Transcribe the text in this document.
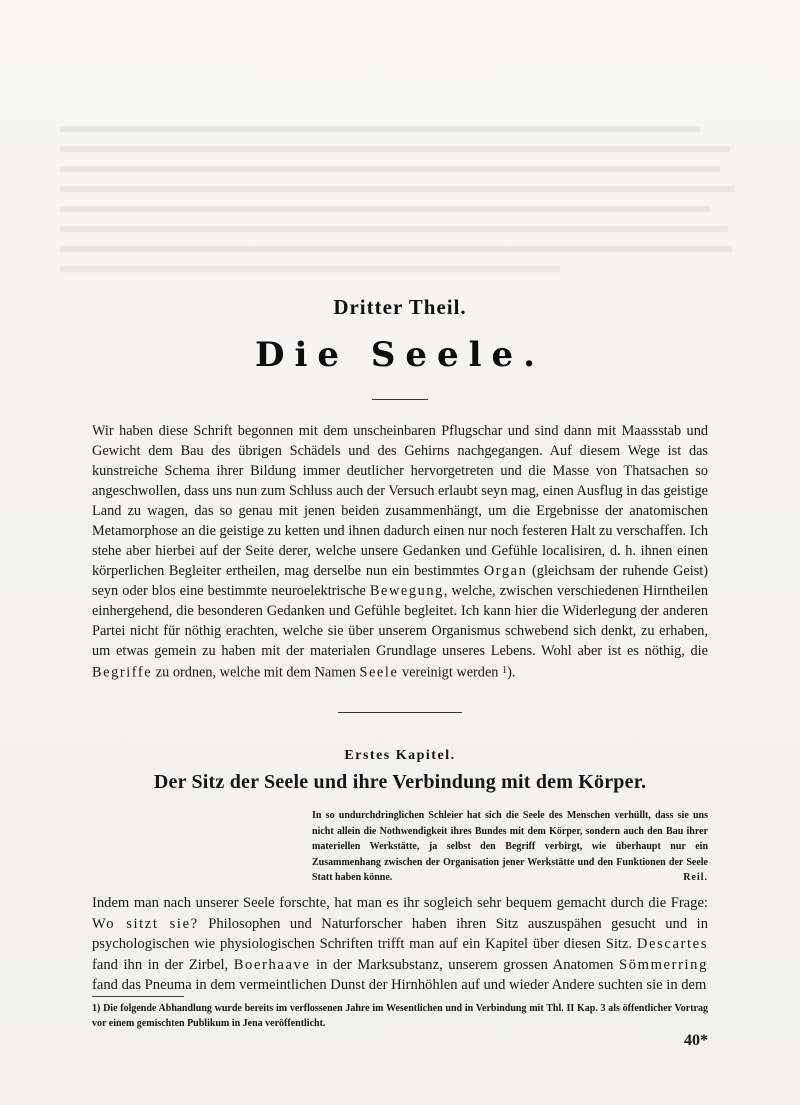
Dritter Theil.
Die Seele.
Wir haben diese Schrift begonnen mit dem unscheinbaren Pflugschar und sind dann mit Maassstab und Gewicht dem Bau des übrigen Schädels und des Gehirns nachgegangen. Auf diesem Wege ist das kunstreiche Schema ihrer Bildung immer deutlicher hervorgetreten und die Masse von Thatsachen so angeschwollen, dass uns nun zum Schluss auch der Versuch erlaubt seyn mag, einen Ausflug in das geistige Land zu wagen, das so genau mit jenen beiden zusammenhängt, um die Ergebnisse der anatomischen Metamorphose an die geistige zu ketten und ihnen dadurch einen nur noch festeren Halt zu verschaffen. Ich stehe aber hierbei auf der Seite derer, welche unsere Gedanken und Gefühle localisiren, d. h. ihnen einen körperlichen Begleiter ertheilen, mag derselbe nun ein bestimmtes Organ (gleichsam der ruhende Geist) seyn oder blos eine bestimmte neuroelektrische Bewegung, welche, zwischen verschiedenen Hirntheilen einhergehend, die besonderen Gedanken und Gefühle begleitet. Ich kann hier die Widerlegung der anderen Partei nicht für nöthig erachten, welche sie über unserem Organismus schwebend sich denkt, zu erhaben, um etwas gemein zu haben mit der materialen Grundlage unseres Lebens. Wohl aber ist es nöthig, die Begriffe zu ordnen, welche mit dem Namen Seele vereinigt werden $^1$).
Erstes Kapitel.
Der Sitz der Seele und ihre Verbindung mit dem Körper.
In so undurchdringlichen Schleier hat sich die Seele des Menschen verhüllt, dass sie uns nicht allein die Nothwendigkeit ihres Bundes mit dem Körper, sondern auch den Bau ihrer materiellen Werkstätte, ja selbst den Begriff verbirgt, wie überhaupt nur ein Zusammenhang zwischen der Organisation jener Werkstätte und den Funktionen der Seele Statt haben könne.	Reil.
Indem man nach unserer Seele forschte, hat man es ihr sogleich sehr bequem gemacht durch die Frage: Wo sitzt sie? Philosophen und Naturforscher haben ihren Sitz auszuspähen gesucht und in psychologischen wie physiologischen Schriften trifft man auf ein Kapitel über diesen Sitz. Descartes fand ihn in der Zirbel, Boerhaave in der Marksubstanz, unserem grossen Anatomen Sömmerring fand das Pneuma in dem vermeintlichen Dunst der Hirnhöhlen auf und wieder Andere suchten sie in dem
1) Die folgende Abhandlung wurde bereits im verflossenen Jahre im Wesentlichen und in Verbindung mit Thl. II Kap. 3 als öffentlicher Vortrag vor einem gemischten Publikum in Jena veröffentlicht.
40*
